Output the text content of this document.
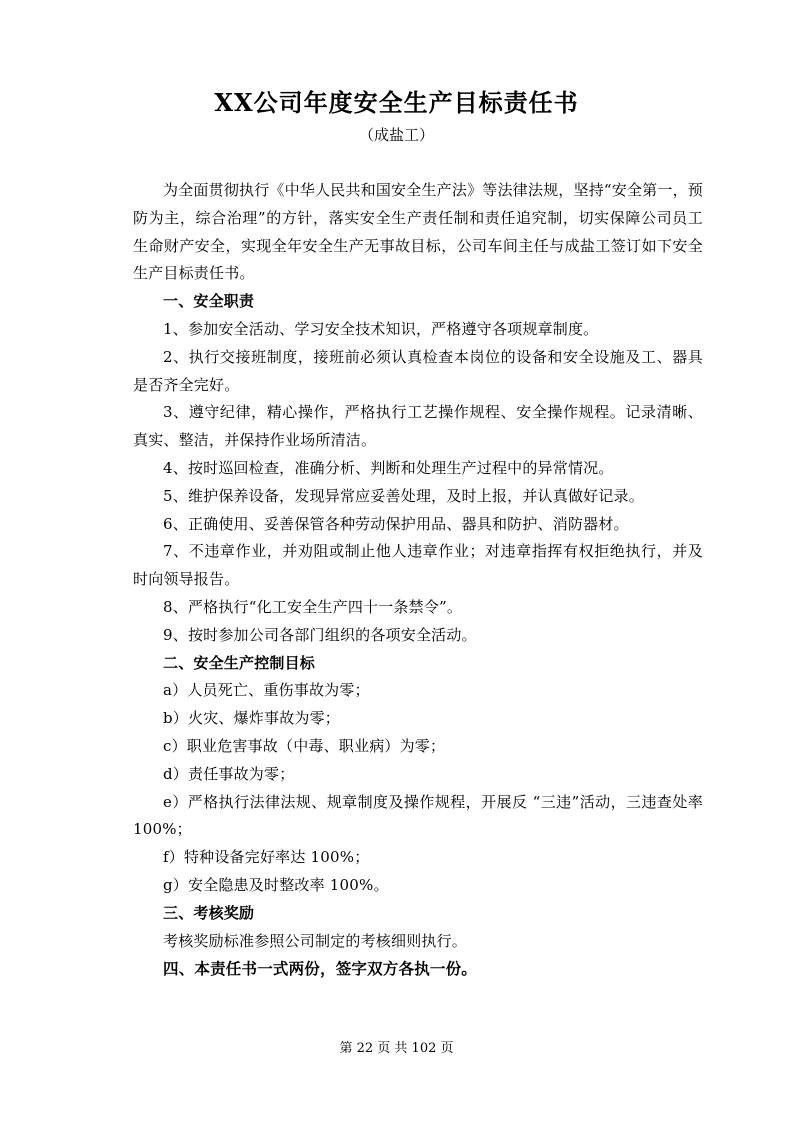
XX公司年度安全生产目标责任书
（成盐工）

为全面贯彻执行《中华人民共和国安全生产法》等法律法规，坚持“安全第一，预防为主，综合治理”的方针，落实安全生产责任制和责任追究制，切实保障公司员工生命财产安全，实现全年安全生产无事故目标，公司车间主任与成盐工签订如下安全生产目标责任书。

一、安全职责

1、参加安全活动、学习安全技术知识，严格遵守各项规章制度。

2、执行交接班制度，接班前必须认真检查本岗位的设备和安全设施及工、器具是否齐全完好。

3、遵守纪律，精心操作，严格执行工艺操作规程、安全操作规程。记录清晰、真实、整洁，并保持作业场所清洁。

4、按时巡回检查，准确分析、判断和处理生产过程中的异常情况。

5、维护保养设备，发现异常应妥善处理，及时上报，并认真做好记录。

6、正确使用、妥善保管各种劳动保护用品、器具和防护、消防器材。

7、不违章作业，并劝阻或制止他人违章作业；对违章指挥有权拒绝执行，并及时向领导报告。

8、严格执行“化工安全生产四十一条禁令”。

9、按时参加公司各部门组织的各项安全活动。

二、安全生产控制目标

a）人员死亡、重伤事故为零；

b）火灾、爆炸事故为零；

c）职业危害事故（中毒、职业病）为零；

d）责任事故为零；

e）严格执行法律法规、规章制度及操作规程，开展反 “三违”活动，三违查处率 100%；

f）特种设备完好率达 100%；

g）安全隐患及时整改率 100%。

三、考核奖励

考核奖励标准参照公司制定的考核细则执行。

四、本责任书一式两份，签字双方各执一份。

第 22 页 共 102 页
